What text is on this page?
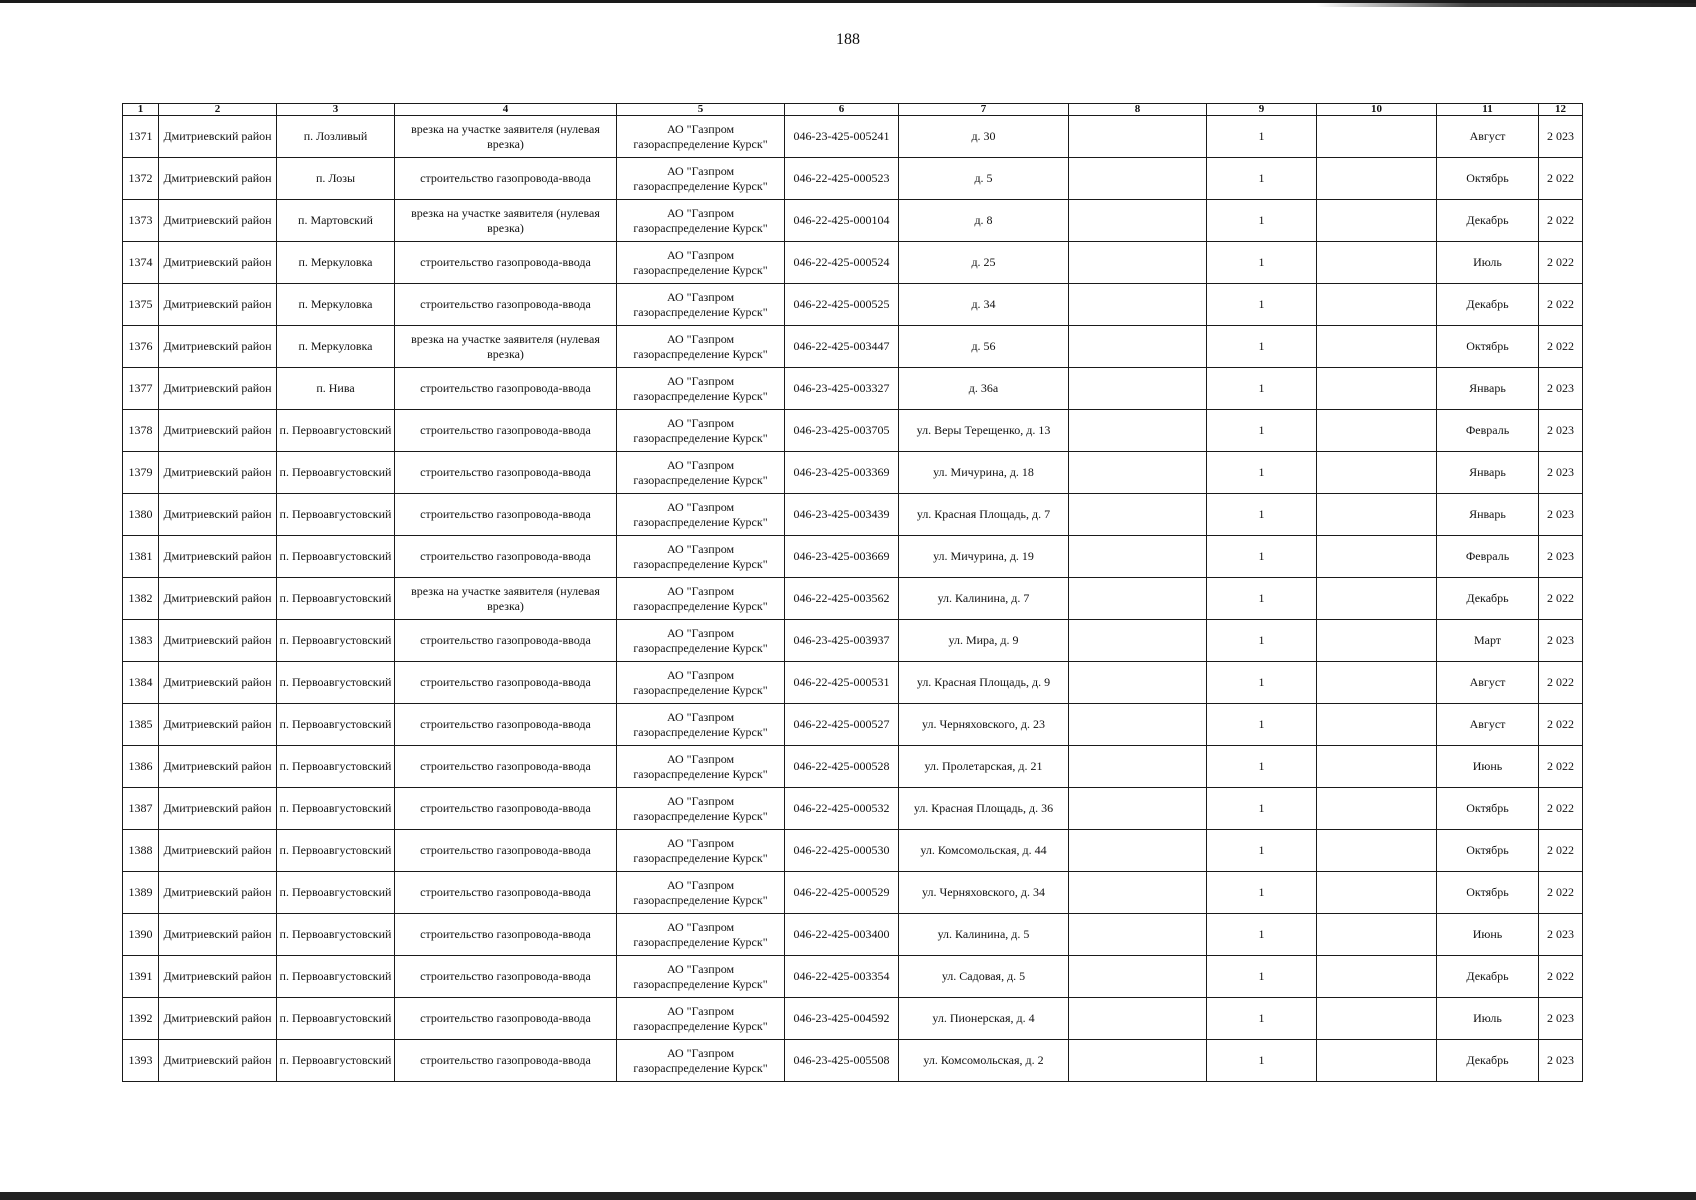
188
1	2	3	4	5	6	7	8	9	10	11	12
1371	Дмитриевский район	п. Лозливый	врезка на участке заявителя (нулевая врезка)	АО "Газпром газораспределение Курск"	046-23-425-005241	д. 30		1		Август	2 023
1372	Дмитриевский район	п. Лозы	строительство газопровода-ввода	АО "Газпром газораспределение Курск"	046-22-425-000523	д. 5		1		Октябрь	2 022
1373	Дмитриевский район	п. Мартовский	врезка на участке заявителя (нулевая врезка)	АО "Газпром газораспределение Курск"	046-22-425-000104	д. 8		1		Декабрь	2 022
1374	Дмитриевский район	п. Меркуловка	строительство газопровода-ввода	АО "Газпром газораспределение Курск"	046-22-425-000524	д. 25		1		Июль	2 022
1375	Дмитриевский район	п. Меркуловка	строительство газопровода-ввода	АО "Газпром газораспределение Курск"	046-22-425-000525	д. 34		1		Декабрь	2 022
1376	Дмитриевский район	п. Меркуловка	врезка на участке заявителя (нулевая врезка)	АО "Газпром газораспределение Курск"	046-22-425-003447	д. 56		1		Октябрь	2 022
1377	Дмитриевский район	п. Нива	строительство газопровода-ввода	АО "Газпром газораспределение Курск"	046-23-425-003327	д. 36а		1		Январь	2 023
1378	Дмитриевский район	п. Первоавгустовский	строительство газопровода-ввода	АО "Газпром газораспределение Курск"	046-23-425-003705	ул. Веры Терещенко, д. 13		1		Февраль	2 023
1379	Дмитриевский район	п. Первоавгустовский	строительство газопровода-ввода	АО "Газпром газораспределение Курск"	046-23-425-003369	ул. Мичурина, д. 18		1		Январь	2 023
1380	Дмитриевский район	п. Первоавгустовский	строительство газопровода-ввода	АО "Газпром газораспределение Курск"	046-23-425-003439	ул. Красная Площадь, д. 7		1		Январь	2 023
1381	Дмитриевский район	п. Первоавгустовский	строительство газопровода-ввода	АО "Газпром газораспределение Курск"	046-23-425-003669	ул. Мичурина, д. 19		1		Февраль	2 023
1382	Дмитриевский район	п. Первоавгустовский	врезка на участке заявителя (нулевая врезка)	АО "Газпром газораспределение Курск"	046-22-425-003562	ул. Калинина, д. 7		1		Декабрь	2 022
1383	Дмитриевский район	п. Первоавгустовский	строительство газопровода-ввода	АО "Газпром газораспределение Курск"	046-23-425-003937	ул. Мира, д. 9		1		Март	2 023
1384	Дмитриевский район	п. Первоавгустовский	строительство газопровода-ввода	АО "Газпром газораспределение Курск"	046-22-425-000531	ул. Красная Площадь, д. 9		1		Август	2 022
1385	Дмитриевский район	п. Первоавгустовский	строительство газопровода-ввода	АО "Газпром газораспределение Курск"	046-22-425-000527	ул. Черняховского, д. 23		1		Август	2 022
1386	Дмитриевский район	п. Первоавгустовский	строительство газопровода-ввода	АО "Газпром газораспределение Курск"	046-22-425-000528	ул. Пролетарская, д. 21		1		Июнь	2 022
1387	Дмитриевский район	п. Первоавгустовский	строительство газопровода-ввода	АО "Газпром газораспределение Курск"	046-22-425-000532	ул. Красная Площадь, д. 36		1		Октябрь	2 022
1388	Дмитриевский район	п. Первоавгустовский	строительство газопровода-ввода	АО "Газпром газораспределение Курск"	046-22-425-000530	ул. Комсомольская, д. 44		1		Октябрь	2 022
1389	Дмитриевский район	п. Первоавгустовский	строительство газопровода-ввода	АО "Газпром газораспределение Курск"	046-22-425-000529	ул. Черняховского, д. 34		1		Октябрь	2 022
1390	Дмитриевский район	п. Первоавгустовский	строительство газопровода-ввода	АО "Газпром газораспределение Курск"	046-22-425-003400	ул. Калинина, д. 5		1		Июнь	2 023
1391	Дмитриевский район	п. Первоавгустовский	строительство газопровода-ввода	АО "Газпром газораспределение Курск"	046-22-425-003354	ул. Садовая, д. 5		1		Декабрь	2 022
1392	Дмитриевский район	п. Первоавгустовский	строительство газопровода-ввода	АО "Газпром газораспределение Курск"	046-23-425-004592	ул. Пионерская, д. 4		1		Июль	2 023
1393	Дмитриевский район	п. Первоавгустовский	строительство газопровода-ввода	АО "Газпром газораспределение Курск"	046-23-425-005508	ул. Комсомольская, д. 2		1		Декабрь	2 023
